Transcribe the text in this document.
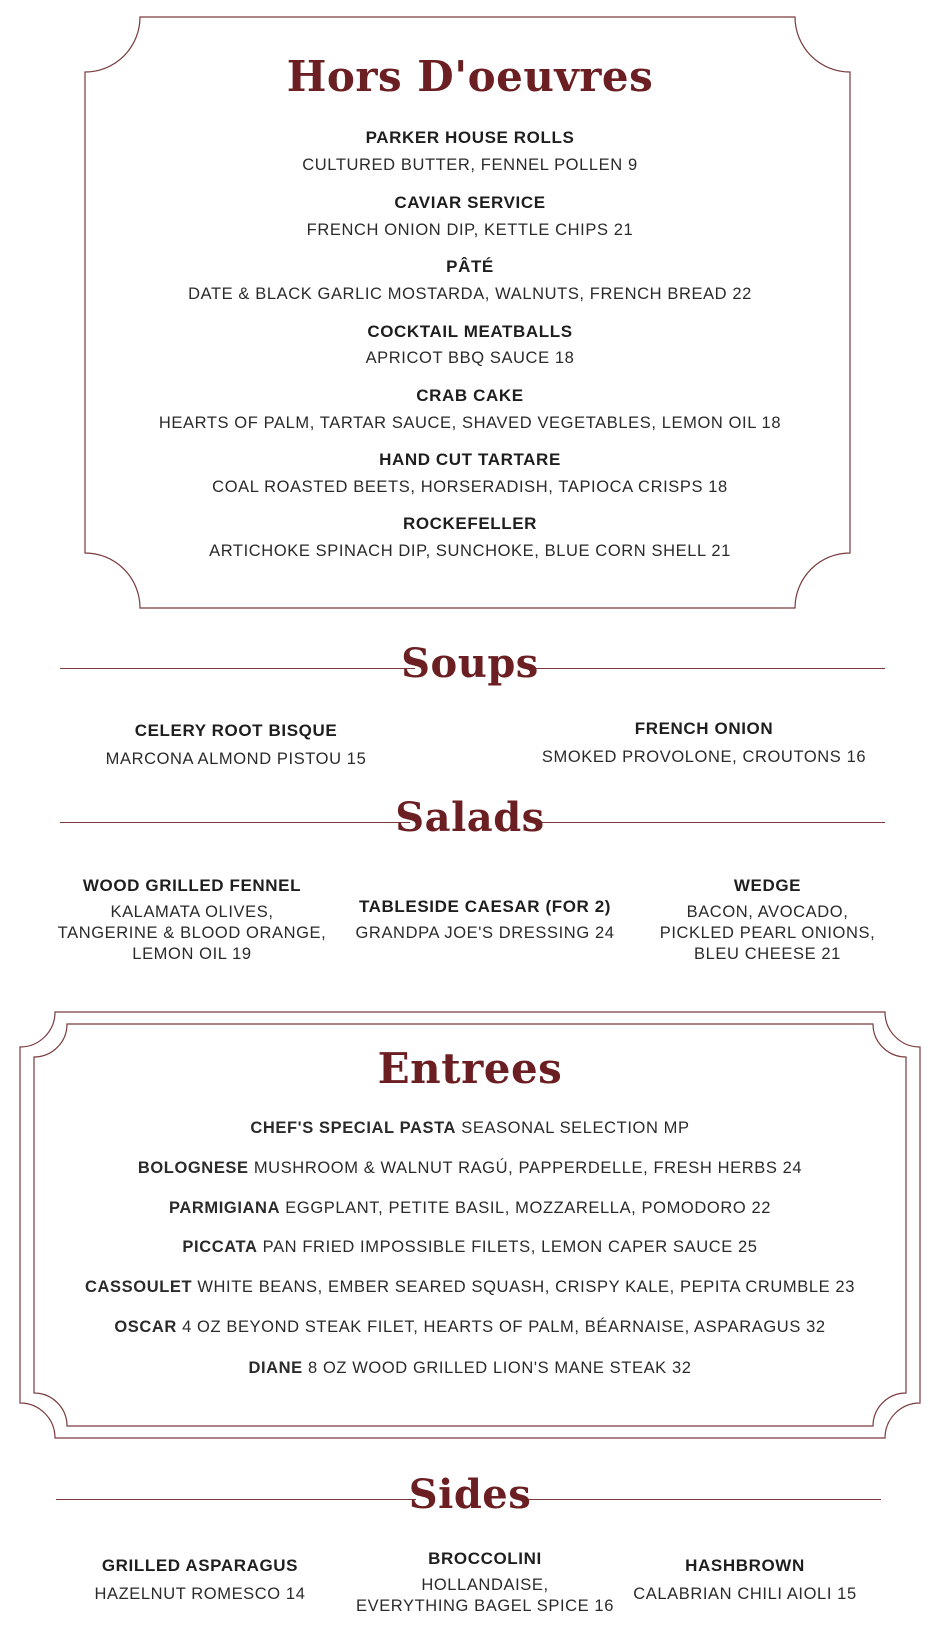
Hors D'oeuvres
PARKER HOUSE ROLLS
CULTURED BUTTER, FENNEL POLLEN 9
CAVIAR SERVICE
FRENCH ONION DIP, KETTLE CHIPS 21
PÂTÉ
DATE & BLACK GARLIC MOSTARDA, WALNUTS, FRENCH BREAD 22
COCKTAIL MEATBALLS
APRICOT BBQ SAUCE 18
CRAB CAKE
HEARTS OF PALM, TARTAR SAUCE, SHAVED VEGETABLES, LEMON OIL 18
HAND CUT TARTARE
COAL ROASTED BEETS, HORSERADISH, TAPIOCA CRISPS 18
ROCKEFELLER
ARTICHOKE SPINACH DIP, SUNCHOKE, BLUE CORN SHELL 21
Soups
CELERY ROOT BISQUE
MARCONA ALMOND PISTOU 15
FRENCH ONION
SMOKED PROVOLONE, CROUTONS 16
Salads
WOOD GRILLED FENNEL
KALAMATA OLIVES,
TANGERINE & BLOOD ORANGE,
LEMON OIL 19
TABLESIDE CAESAR (FOR 2)
GRANDPA JOE'S DRESSING 24
WEDGE
BACON, AVOCADO,
PICKLED PEARL ONIONS,
BLEU CHEESE 21
Entrees
CHEF'S SPECIAL PASTA SEASONAL SELECTION MP
BOLOGNESE MUSHROOM & WALNUT RAGÚ, PAPPERDELLE, FRESH HERBS 24
PARMIGIANA EGGPLANT, PETITE BASIL, MOZZARELLA, POMODORO 22
PICCATA PAN FRIED IMPOSSIBLE FILETS, LEMON CAPER SAUCE 25
CASSOULET WHITE BEANS, EMBER SEARED SQUASH, CRISPY KALE, PEPITA CRUMBLE 23
OSCAR 4 OZ BEYOND STEAK FILET, HEARTS OF PALM, BÉARNAISE, ASPARAGUS 32
DIANE 8 OZ WOOD GRILLED LION'S MANE STEAK 32
Sides
GRILLED ASPARAGUS
HAZELNUT ROMESCO 14
BROCCOLINI
HOLLANDAISE,
EVERYTHING BAGEL SPICE 16
HASHBROWN
CALABRIAN CHILI AIOLI 15
